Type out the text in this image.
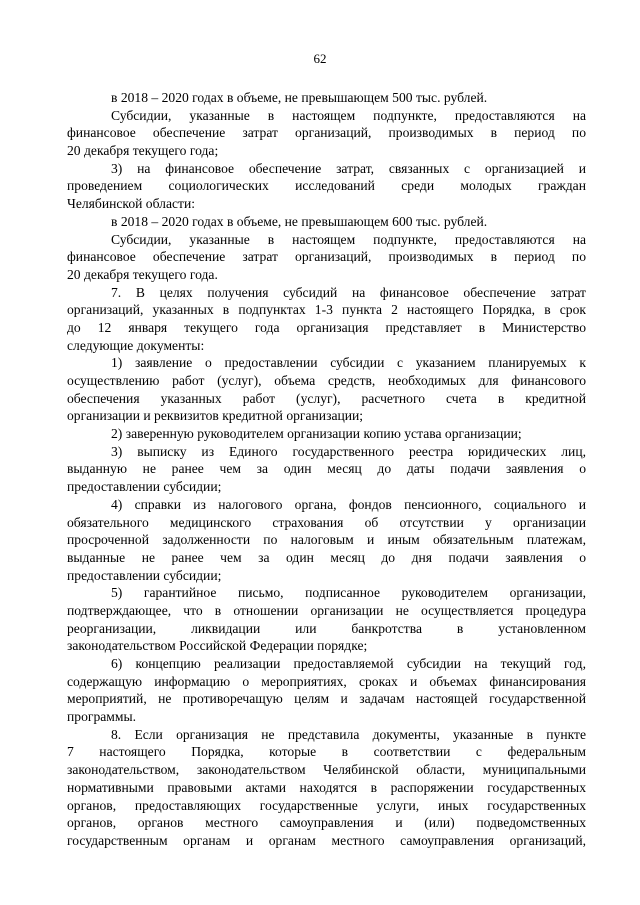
62
в 2018 – 2020 годах в объеме, не превышающем 500 тыс. рублей.
Субсидии, указанные в настоящем подпункте, предоставляются на
финансовое обеспечение затрат организаций, производимых в период по
20 декабря текущего года;
3) на финансовое обеспечение затрат, связанных с организацией и
проведением социологических исследований среди молодых граждан
Челябинской области:
в 2018 – 2020 годах в объеме, не превышающем 600 тыс. рублей.
Субсидии, указанные в настоящем подпункте, предоставляются на
финансовое обеспечение затрат организаций, производимых в период по
20 декабря текущего года.
7. В целях получения субсидий на финансовое обеспечение затрат
организаций, указанных в подпунктах 1-3 пункта 2 настоящего Порядка, в срок
до 12 января текущего года организация представляет в Министерство
следующие документы:
1) заявление о предоставлении субсидии с указанием планируемых к
осуществлению работ (услуг), объема средств, необходимых для финансового
обеспечения указанных работ (услуг), расчетного счета в кредитной
организации и реквизитов кредитной организации;
2) заверенную руководителем организации копию устава организации;
3) выписку из Единого государственного реестра юридических лиц,
выданную не ранее чем за один месяц до даты подачи заявления о
предоставлении субсидии;
4) справки из налогового органа, фондов пенсионного, социального и
обязательного медицинского страхования об отсутствии у организации
просроченной задолженности по налоговым и иным обязательным платежам,
выданные не ранее чем за один месяц до дня подачи заявления о
предоставлении субсидии;
5) гарантийное письмо, подписанное руководителем организации,
подтверждающее, что в отношении организации не осуществляется процедура
реорганизации, ликвидации или банкротства в установленном
законодательством Российской Федерации порядке;
6) концепцию реализации предоставляемой субсидии на текущий год,
содержащую информацию о мероприятиях, сроках и объемах финансирования
мероприятий, не противоречащую целям и задачам настоящей государственной
программы.
8. Если организация не представила документы, указанные в пункте
7 настоящего Порядка, которые в соответствии с федеральным
законодательством, законодательством Челябинской области, муниципальными
нормативными правовыми актами находятся в распоряжении государственных
органов, предоставляющих государственные услуги, иных государственных
органов, органов местного самоуправления и (или) подведомственных
государственным органам и органам местного самоуправления организаций,
